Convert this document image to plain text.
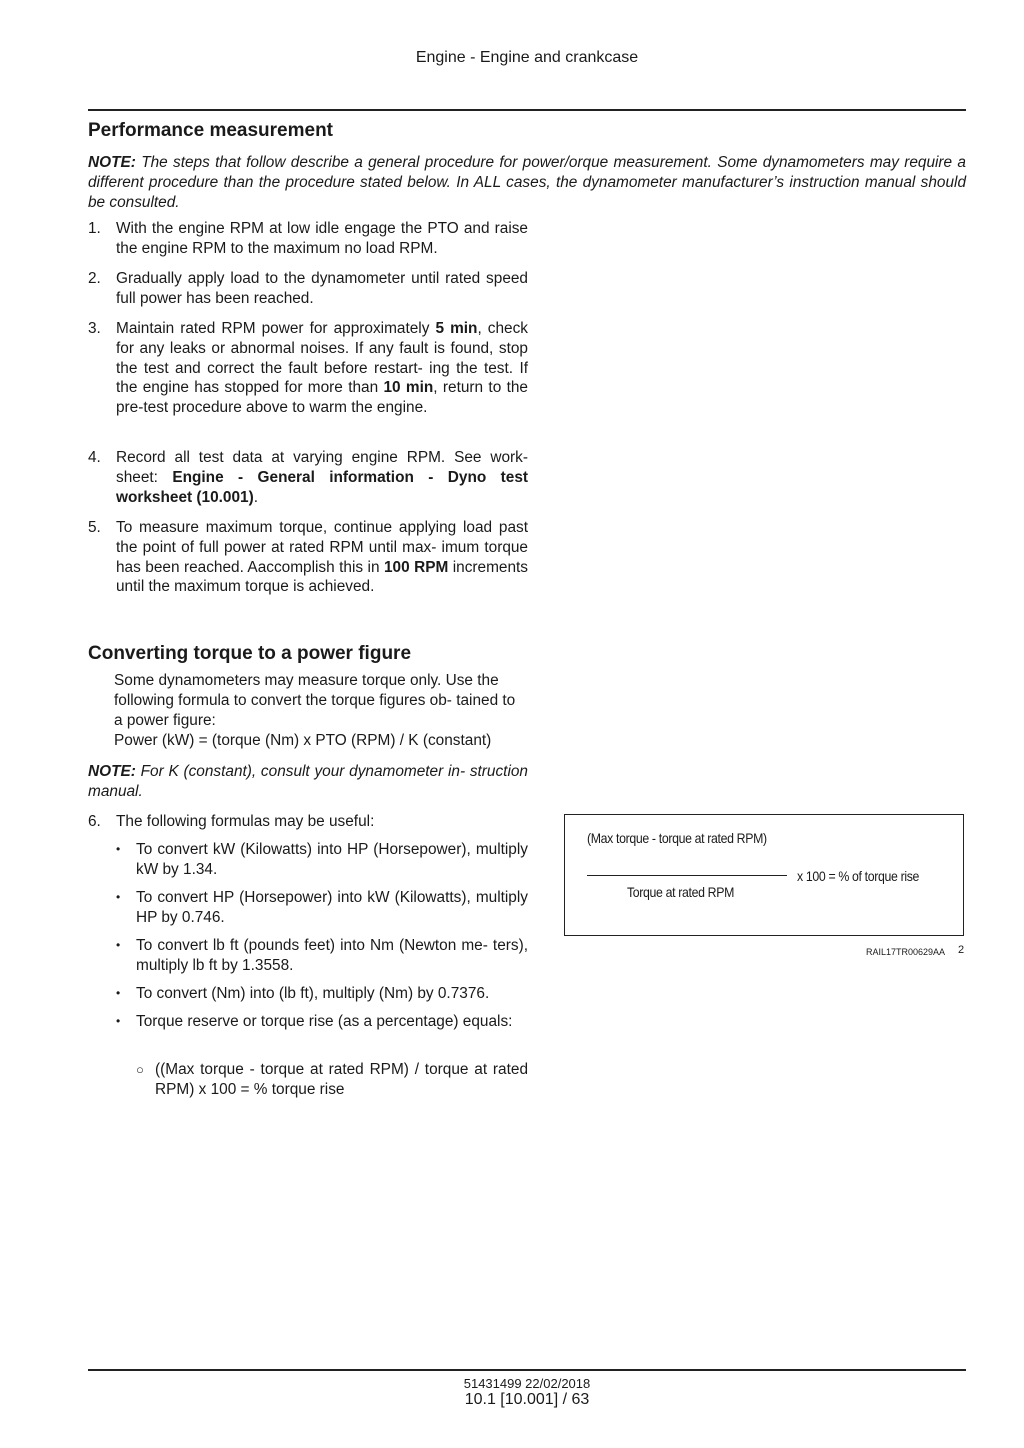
Engine - Engine and crankcase
Performance measurement
NOTE: The steps that follow describe a general procedure for power/orque measurement. Some dynamometers may require a different procedure than the procedure stated below. In ALL cases, the dynamometer manufacturer’s instruction manual should be consulted.
1. With the engine RPM at low idle engage the PTO and raise the engine RPM to the maximum no load RPM.
2. Gradually apply load to the dynamometer until rated speed full power has been reached.
3. Maintain rated RPM power for approximately 5 min, check for any leaks or abnormal noises. If any fault is found, stop the test and correct the fault before restart- ing the test. If the engine has stopped for more than 10 min, return to the pre-test procedure above to warm the engine.
4. Record all test data at varying engine RPM. See work- sheet: Engine - General information - Dyno test worksheet (10.001).
5. To measure maximum torque, continue applying load past the point of full power at rated RPM until max- imum torque has been reached. Aaccomplish this in 100 RPM increments until the maximum torque is achieved.
Converting torque to a power figure
Some dynamometers may measure torque only. Use the following formula to convert the torque figures ob- tained to a power figure:
Power (kW) = (torque (Nm) x PTO (RPM) / K (constant)
NOTE: For K (constant), consult your dynamometer in- struction manual.
6. The following formulas may be useful:
• To convert kW (Kilowatts) into HP (Horsepower), multiply kW by 1.34.
• To convert HP (Horsepower) into kW (Kilowatts), multiply HP by 0.746.
• To convert lb ft (pounds feet) into Nm (Newton me- ters), multiply lb ft by 1.3558.
• To convert (Nm) into (lb ft), multiply (Nm) by 0.7376.
• Torque reserve or torque rise (as a percentage) equals:
○ ((Max torque - torque at rated RPM) / torque at rated RPM) x 100 = % torque rise
(Max torque - torque at rated RPM)
Torque at rated RPM
x 100 = % of torque rise
RAIL17TR00629AA 2
51431499 22/02/2018
10.1 [10.001] / 63
